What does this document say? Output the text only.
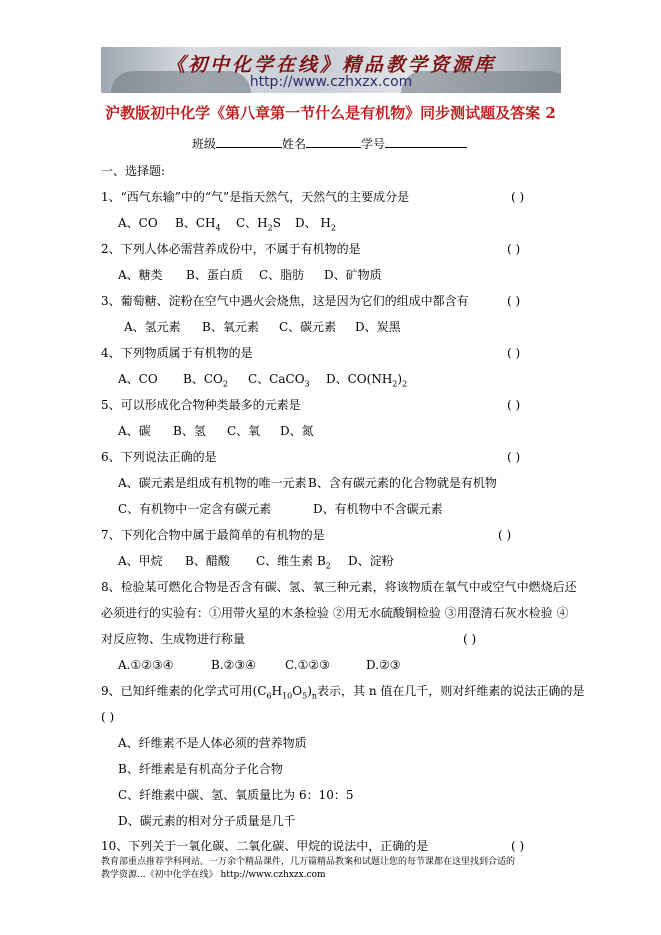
《初中化学在线》精品教学资源库
http://www.czhxzx.com
沪教版初中化学《第八章第一节什么是有机物》同步测试题及答案 2
班级	姓名	学号
一、选择题:
1、“西气东输”中的“气”是指天然气，天然气的主要成分是	( )
A、CO B、$CH_4$ C、$H_2S$ D、 $H_2$
2、下列人体必需营养成份中，不属于有机物的是	( )
A、糖类 B、蛋白质 C、脂肪 D、矿物质
3、葡萄糖、淀粉在空气中遇火会烧焦，这是因为它们的组成中都含有	( )
A、氢元素 B、氧元素 C、碳元素 D、炭黑
4、下列物质属于有机物的是	( )
A、CO B、$CO_2$ C、CaCO$_3$ D、$CO(NH_2)_2$
5、可以形成化合物种类最多的元素是	( )
A、碳 B、氢 C、氧 D、氮
6、下列说法正确的是	( )
A、碳元素是组成有机物的唯一元素 B、含有碳元素的化合物就是有机物
C、有机物中一定含有碳元素	D、有机物中不含碳元素
7、下列化合物中属于最简单的有机物的是	( )
A、甲烷 B、醋酸 C、维生素 $B_2$ D、淀粉
8、检验某可燃化合物是否含有碳、氢、氧三种元素，将该物质在氧气中或空气中燃烧后还
必须进行的实验有：①用带火星的木条检验 ②用无水硫酸铜检验 ③用澄清石灰水检验 ④
对反应物、生成物进行称量	( )
A.①②③④	B.②③④ C.①②③	D.②③
9、已知纤维素的化学式可用$(C_6H_{10}O_5)_n$表示，其 n 值在几千，则对纤维素的说法正确的是
( )
A、纤维素不是人体必须的营养物质
B、纤维素是有机高分子化合物
C、纤维素中碳、氢、氧质量比为 6：10：5
D、碳元素的相对分子质量是几千
10、下列关于一氧化碳、二氧化碳、甲烷的说法中，正确的是	( )
教育部重点推荐学科网站。一万余个精品课件，几万篇精品教案和试题让您的每节课都在这里找到合适的
教学资源...《初中化学在线》 http://www.czhxzx.com
